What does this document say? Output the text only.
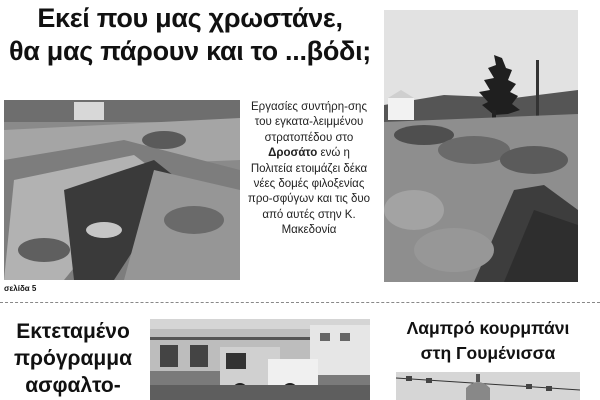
Εκεί που μας χρωστάνε,
θα μας πάρουν και το ...βόδι;
Εργασίες συντήρη-σης του εγκατα-λειμμένου στρατοπέδου στο Δροσάτο ενώ η Πολιτεία ετοιμάζει δέκα νέες δομές φιλοξενίας προ-σφύγων και τις δυο από αυτές στην Κ. Μακεδονία
σελίδα 5
Εκτεταμένο
πρόγραμμα
ασφαλτο-
Λαμπρό κουρμπάνι
στη Γουμένισσα
